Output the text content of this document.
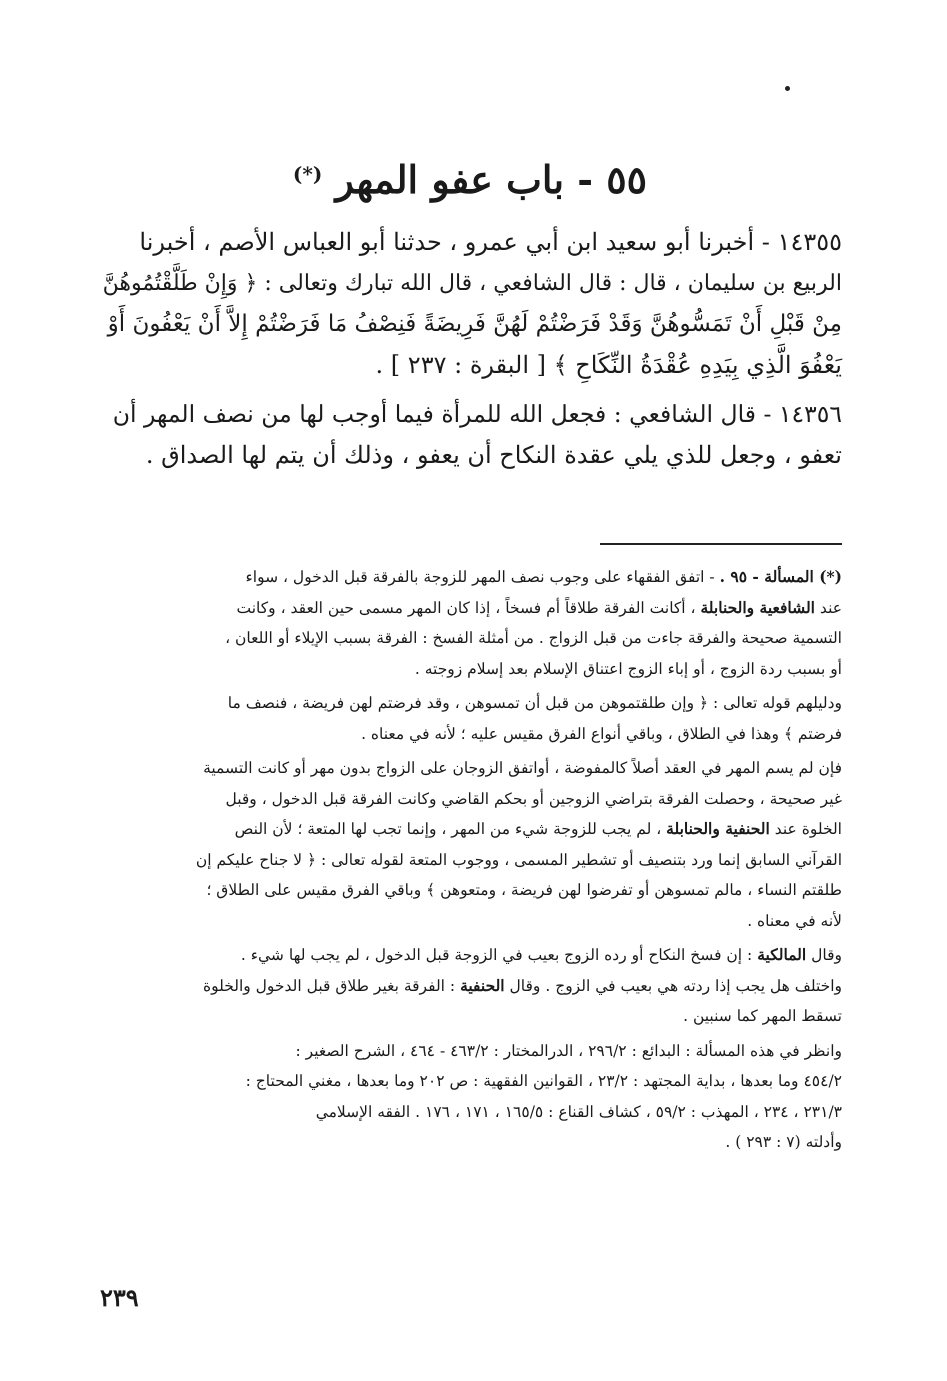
٥٥ - باب عفو المهر (*)

١٤٣٥٥ - أخبرنا أبو سعيد ابن أبي عمرو ، حدثنا أبو العباس الأصم ، أخبرنا

الربيع بن سليمان ، قال : قال الشافعي ، قال الله تبارك وتعالى : ﴿ وَإِنْ طَلَّقْتُمُوهُنَّ

مِنْ قَبْلِ أَنْ تَمَسُّوهُنَّ وَقَدْ فَرَضْتُمْ لَهُنَّ فَرِيضَةً فَنِصْفُ مَا فَرَضْتُمْ إِلاَّ أَنْ يَعْفُونَ أَوْ

يَعْفُوَ الَّذِي بِيَدِهِ عُقْدَةُ النِّكَاحِ ﴾ [ البقرة : ٢٣٧ ] .

١٤٣٥٦ - قال الشافعي : فجعل الله للمرأة فيما أوجب لها من نصف المهر أن

تعفو ، وجعل للذي يلي عقدة النكاح أن يعفو ، وذلك أن يتم لها الصداق .

(*) المسألة - ٩٥ . - اتفق الفقهاء على وجوب نصف المهر للزوجة بالفرقة قبل الدخول ، سواء

عند الشافعية والحنابلة ، أكانت الفرقة طلاقاً أم فسخاً ، إذا كان المهر مسمى حين العقد ، وكانت

التسمية صحيحة والفرقة جاءت من قبل الزواج . من أمثلة الفسخ : الفرقة بسبب الإيلاء أو اللعان ،

أو بسبب ردة الزوج ، أو إباء الزوج اعتناق الإسلام بعد إسلام زوجته .

ودليلهم قوله تعالى : ﴿ وإن طلقتموهن من قبل أن تمسوهن ، وقد فرضتم لهن فريضة ، فنصف ما

فرضتم ﴾ وهذا في الطلاق ، وباقي أنواع الفرق مقيس عليه ؛ لأنه في معناه .

فإن لم يسم المهر في العقد أصلاً كالمفوضة ، أواتفق الزوجان على الزواج بدون مهر أو كانت التسمية

غير صحيحة ، وحصلت الفرقة بتراضي الزوجين أو بحكم القاضي وكانت الفرقة قبل الدخول ، وقبل

الخلوة عند الحنفية والحنابلة ، لم يجب للزوجة شيء من المهر ، وإنما تجب لها المتعة ؛ لأن النص

القرآني السابق إنما ورد بتنصيف أو تشطير المسمى ، ووجوب المتعة لقوله تعالى : ﴿ لا جناح عليكم إن

طلقتم النساء ، مالم تمسوهن أو تفرضوا لهن فريضة ، ومتعوهن ﴾ وباقي الفرق مقيس على الطلاق ؛

لأنه في معناه .

وقال المالكية : إن فسخ النكاح أو رده الزوج بعيب في الزوجة قبل الدخول ، لم يجب لها شيء .

واختلف هل يجب إذا ردته هي بعيب في الزوج . وقال الحنفية : الفرقة بغير طلاق قبل الدخول والخلوة

تسقط المهر كما سنبين .

وانظر في هذه المسألة : البدائع : ٢٩٦/٢ ، الدرالمختار : ٤٦٣/٢ - ٤٦٤ ، الشرح الصغير :

٤٥٤/٢ وما بعدها ، بداية المجتهد : ٢٣/٢ ، القوانين الفقهية : ص ٢٠٢ وما بعدها ، مغني المحتاج :

٢٣١/٣ ، ٢٣٤ ، المهذب : ٥٩/٢ ، كشاف القناع : ١٦٥/٥ ، ١٧١ ، ١٧٦ . الفقه الإسلامي

وأدلته (٧ : ٢٩٣ ) .

٢٣٩
